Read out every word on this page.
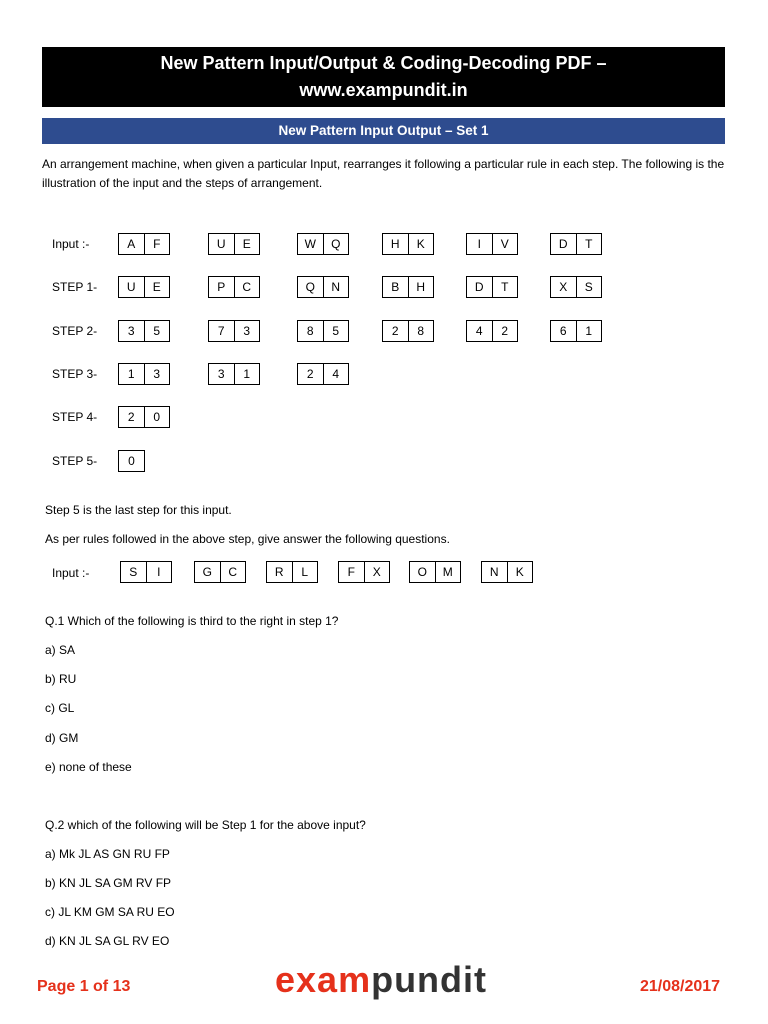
New Pattern Input/Output & Coding-Decoding PDF –
www.exampundit.in
New Pattern Input Output – Set 1
An arrangement machine, when given a particular Input, rearranges it following a particular rule in each step. The following is the illustration of the input and the steps of arrangement.
Input :-	A	F	U	E	W	Q	H	K	I	V	D	T
STEP 1-	U	E	P	C	Q	N	B	H	D	T	X	S
STEP 2-	3	5	7	3	8	5	2	8	4	2	6	1
STEP 3-	1	3	3	1	2	4
STEP 4-	2	0
STEP 5-	0
Step 5 is the last step for this input.
As per rules followed in the above step, give answer the following questions.
Input :-	S	I	G	C	R	L	F	X	O	M	N	K
Q.1 Which of the following is third to the right in step 1?
a) SA
b) RU
c) GL
d) GM
e) none of these
Q.2 which of the following will be Step 1 for the above input?
a) Mk JL AS GN RU FP
b) KN JL SA GM RV FP
c) JL KM GM SA RU EO
d) KN JL SA GL RV EO
Page 1 of 13	exampundit	21/08/2017
